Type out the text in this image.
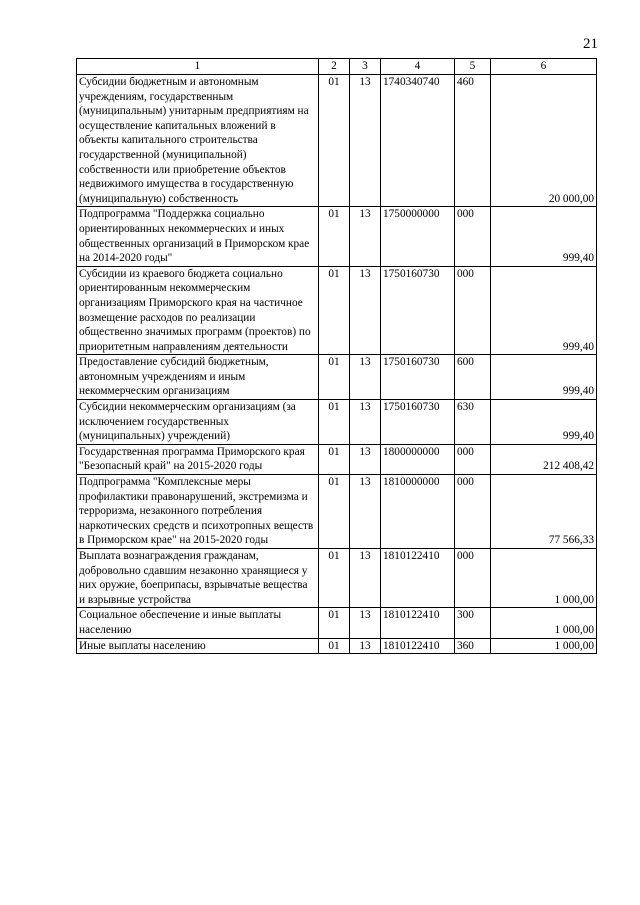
21
1	2	3	4	5	6
Субсидии бюджетным и автономным учреждениям, государственным (муниципальным) унитарным предприятиям на осуществление капитальных вложений в объекты капитального строительства государственной (муниципальной) собственности или приобретение объектов недвижимого имущества в государственную (муниципальную) собственность	01	13	1740340740	460	20 000,00
Подпрограмма "Поддержка социально ориентированных некоммерческих и иных общественных организаций в Приморском крае на 2014-2020 годы"	01	13	1750000000	000	999,40
Субсидии из краевого бюджета социально ориентированным некоммерческим организациям Приморского края на частичное возмещение расходов по реализации общественно значимых программ (проектов) по приоритетным направлениям деятельности	01	13	1750160730	000	999,40
Предоставление субсидий бюджетным, автономным учреждениям и иным некоммерческим организациям	01	13	1750160730	600	999,40
Субсидии некоммерческим организациям (за исключением государственных (муниципальных) учреждений)	01	13	1750160730	630	999,40
Государственная программа Приморского края "Безопасный край" на 2015-2020 годы	01	13	1800000000	000	212 408,42
Подпрограмма "Комплексные меры профилактики правонарушений, экстремизма и терроризма, незаконного потребления наркотических средств и психотропных веществ в Приморском крае" на 2015-2020 годы	01	13	1810000000	000	77 566,33
Выплата вознаграждения гражданам, добровольно сдавшим незаконно хранящиеся у них оружие, боеприпасы, взрывчатые вещества и взрывные устройства	01	13	1810122410	000	1 000,00
Социальное обеспечение и иные выплаты населению	01	13	1810122410	300	1 000,00
Иные выплаты населению	01	13	1810122410	360	1 000,00
